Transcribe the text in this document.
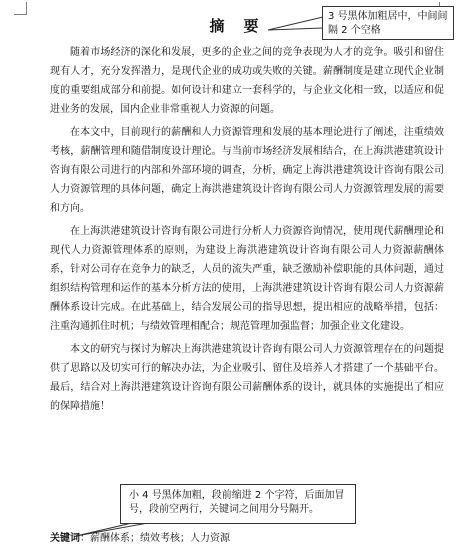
摘　要
3 号黑体加粗居中，中间间隔 2 个空格

随着市场经济的深化和发展，更多的企业之间的竞争表现为人才的竞争。吸引和留住现有人才，充分发挥潜力，是现代企业的成功或失败的关键。薪酬制度是建立现代企业制度的重要组成部分和前提。如何设计和建立一套科学的，与企业文化相一致，以适应和促进业务的发展，国内企业非常重视人力资源的问题。

在本文中，目前现行的薪酬和人力资源管理和发展的基本理论进行了阐述，注重绩效考核，薪酬管理和随借制度设计理论。与当前市场经济发展相结合，在上海洪港建筑设计咨询有限公司进行的内部和外部环境的调查，分析，确定上海洪港建筑设计咨询有限公司人力资源管理的具体问题，确定上海洪港建筑设计咨询有限公司人力资源管理发展的需要和方向。

在上海洪港建筑设计咨询有限公司进行分析人力资源咨询情况，使用现代薪酬理论和现代人力资源管理体系的原则，为建设上海洪港建筑设计咨询有限公司人力资源薪酬体系，针对公司存在竞争力的缺乏，人员的流失严重，缺乏激励补偿职能的具体问题，通过组织结构管理和运作的基本分析方法的使用，上海洪港建筑设计咨询有限公司人力资源薪酬体系设计完成。在此基础上，结合发展公司的指导思想，提出相应的战略举措，包括：注重沟通抓住时机；与绩效管理相配合；规范管理加强监督；加强企业文化建设。

本文的研究与探讨为解决上海洪港建筑设计咨询有限公司人力资源管理存在的问题提供了思路以及切实可行的解决办法，为企业吸引、留住及培养人才搭建了一个基础平台。最后，结合对上海洪港建筑设计咨询有限公司薪酬体系的设计，就具体的实施提出了相应的保障措施！

小 4 号黑体加粗，段前缩进 2 个字符，后面加冒号，段前空两行，关键词之间用分号隔开。
关键词：薪酬体系；绩效考核；人力资源
